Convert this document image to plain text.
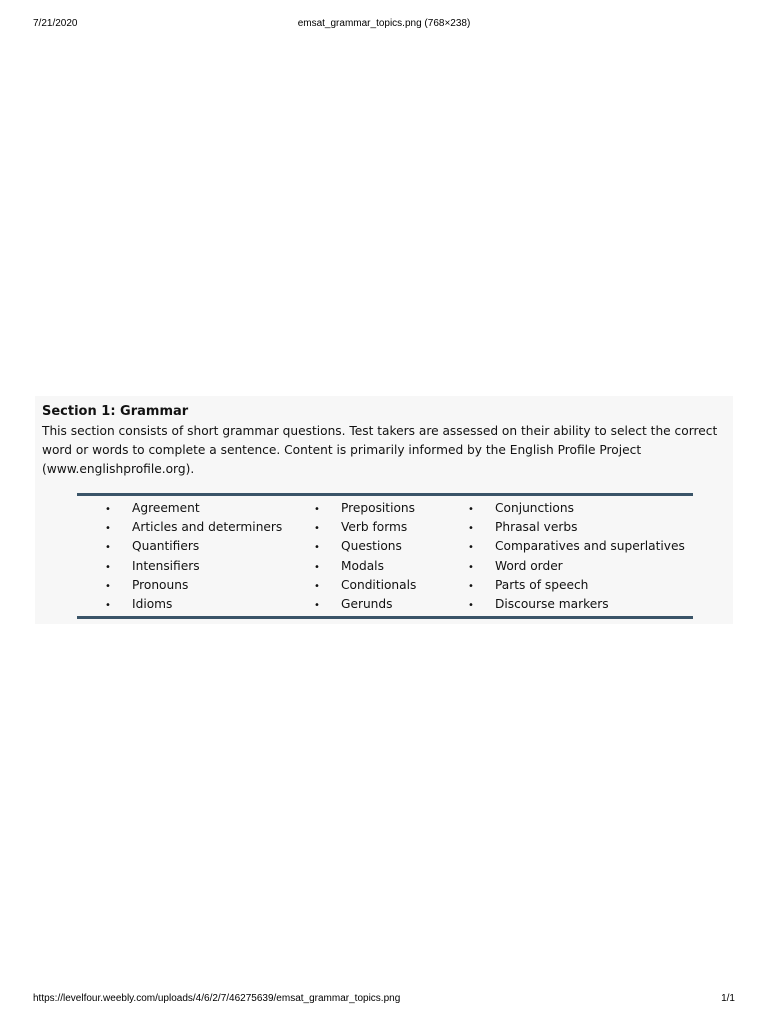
7/21/2020	emsat_grammar_topics.png (768×238)
Section 1: Grammar
This section consists of short grammar questions. Test takers are assessed on their ability to select the correct word or words to complete a sentence. Content is primarily informed by the English Profile Project (www.englishprofile.org).
• Agreement
• Articles and determiners
• Quantifiers
• Intensifiers
• Pronouns
• Idioms
• Prepositions
• Verb forms
• Questions
• Modals
• Conditionals
• Gerunds
• Conjunctions
• Phrasal verbs
• Comparatives and superlatives
• Word order
• Parts of speech
• Discourse markers
https://levelfour.weebly.com/uploads/4/6/2/7/46275639/emsat_grammar_topics.png	1/1
